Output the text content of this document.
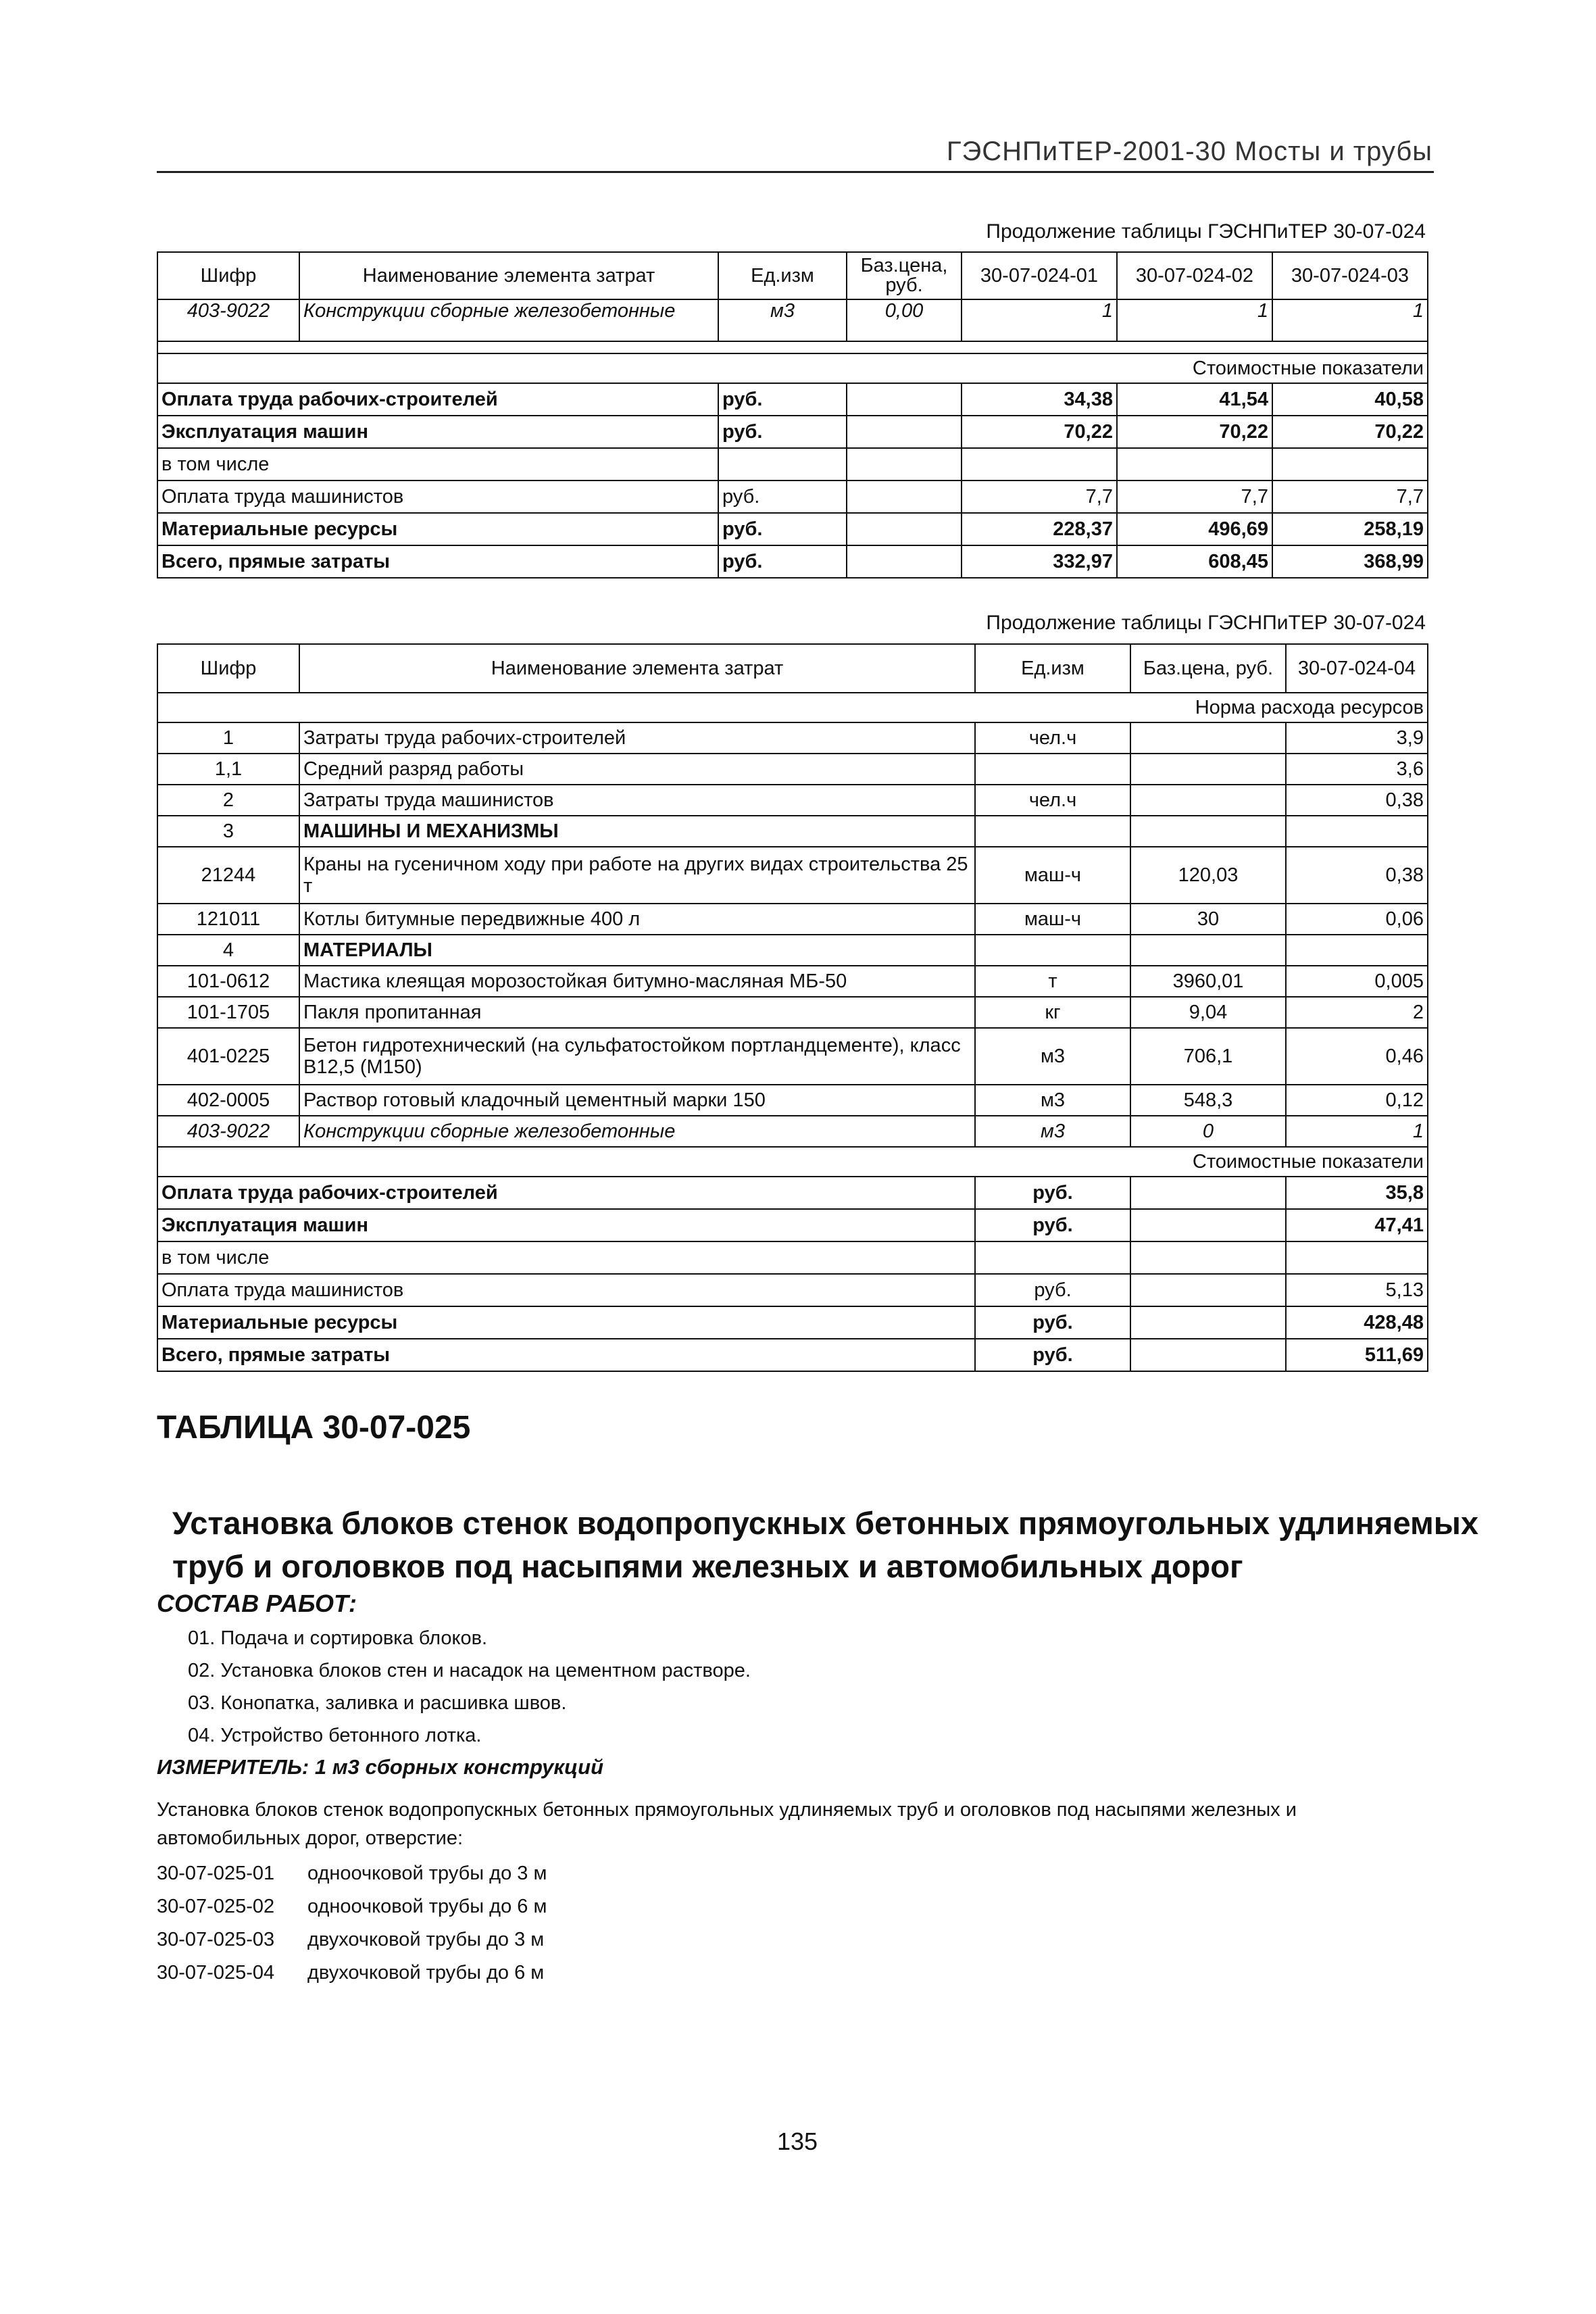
ГЭСНПиТЕР-2001-30 Мосты и трубы
Продолжение таблицы ГЭСНПиТЕР 30-07-024
Шифр	Наименование элемента затрат	Ед.изм	Баз.цена, руб.	30-07-024-01	30-07-024-02	30-07-024-03
403-9022	Конструкции сборные железобетонные	м3	0,00	1	1	1

Стоимостные показатели						
Оплата труда рабочих-строителей		руб.		34,38	41,54	40,58
Эксплуатация машин		руб.		70,22	70,22	70,22
в том числе						
Оплата труда машинистов		руб.		7,7	7,7	7,7
Материальные ресурсы		руб.		228,37	496,69	258,19
Всего, прямые затраты		руб.		332,97	608,45	368,99
Продолжение таблицы ГЭСНПиТЕР 30-07-024
Шифр	Наименование элемента затрат	Ед.изм	Баз.цена, руб.	30-07-024-04
Норма расхода ресурсов				
1	Затраты труда рабочих-строителей	чел.ч		3,9
1,1	Средний разряд работы			3,6
2	Затраты труда машинистов	чел.ч		0,38
3	МАШИНЫ И МЕХАНИЗМЫ			
21244	Краны на гусеничном ходу при работе на других видах строительства 25 т	маш-ч	120,03	0,38
121011	Котлы битумные передвижные 400 л	маш-ч	30	0,06
4	МАТЕРИАЛЫ			
101-0612	Мастика клеящая морозостойкая битумно-масляная МБ-50	т	3960,01	0,005
101-1705	Пакля пропитанная	кг	9,04	2
401-0225	Бетон гидротехнический (на сульфатостойком портландцементе), класс В12,5 (М150)	м3	706,1	0,46
402-0005	Раствор готовый кладочный цементный марки 150	м3	548,3	0,12
403-9022	Конструкции сборные железобетонные	м3	0	1
Стоимостные показатели				
Оплата труда рабочих-строителей		руб.		35,8
Эксплуатация машин		руб.		47,41
в том числе				
Оплата труда машинистов		руб.		5,13
Материальные ресурсы		руб.		428,48
Всего, прямые затраты		руб.		511,69
ТАБЛИЦА 30-07-025
Установка блоков стенок водопропускных бетонных прямоугольных удлиняемых труб и оголовков под насыпями железных и автомобильных дорог
СОСТАВ РАБОТ:
01. Подача и сортировка блоков.
02. Установка блоков стен и насадок на цементном растворе.
03. Конопатка, заливка и расшивка швов.
04. Устройство бетонного лотка.
ИЗМЕРИТЕЛЬ: 1 м3 сборных конструкций
Установка блоков стенок водопропускных бетонных прямоугольных удлиняемых труб и оголовков под насыпями железных и автомобильных дорог, отверстие:
30-07-025-01 одноочковой трубы до 3 м
30-07-025-02 одноочковой трубы до 6 м
30-07-025-03 двухочковой трубы до 3 м
30-07-025-04 двухочковой трубы до 6 м
135
